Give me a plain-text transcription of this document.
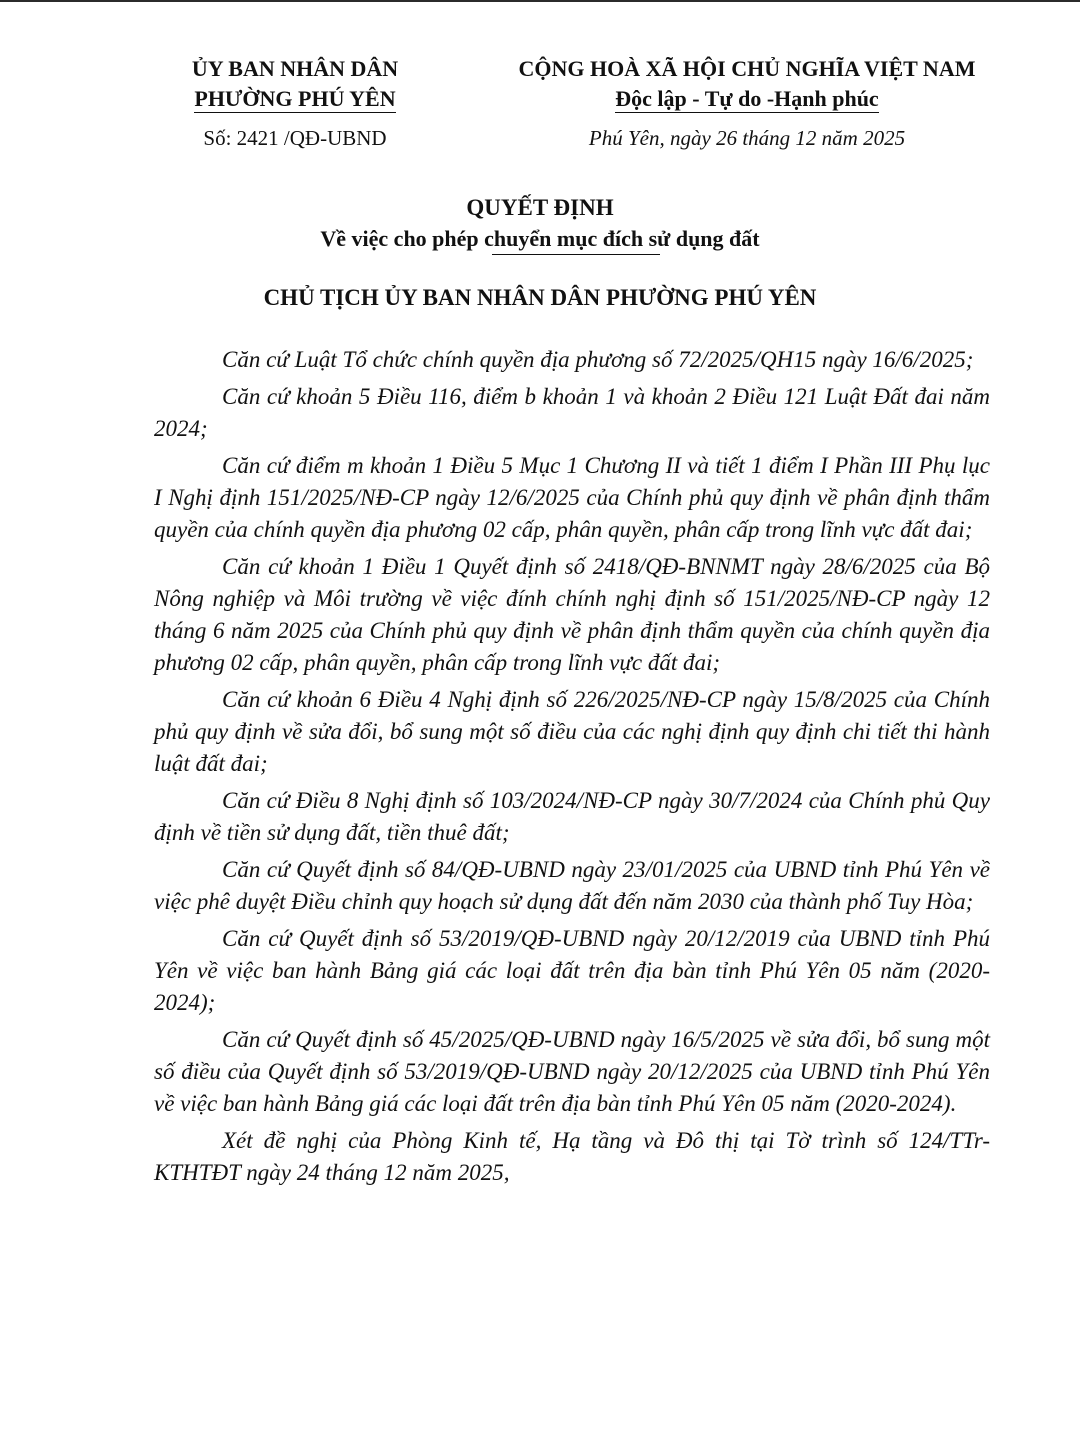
ỦY BAN NHÂN DÂN
PHƯỜNG PHÚ YÊN
Số: 2421 /QĐ-UBND
CỘNG HOÀ XÃ HỘI CHỦ NGHĨA VIỆT NAM
Độc lập - Tự do -Hạnh phúc
Phú Yên, ngày 26 tháng 12 năm 2025
QUYẾT ĐỊNH
Về việc cho phép chuyển mục đích sử dụng đất
CHỦ TỊCH ỦY BAN NHÂN DÂN PHƯỜNG PHÚ YÊN

Căn cứ Luật Tổ chức chính quyền địa phương số 72/2025/QH15 ngày 16/6/2025;

Căn cứ khoản 5 Điều 116, điểm b khoản 1 và khoản 2 Điều 121 Luật Đất đai năm 2024;

Căn cứ điểm m khoản 1 Điều 5 Mục 1 Chương II và tiết 1 điểm I Phần III Phụ lục I Nghị định 151/2025/NĐ-CP ngày 12/6/2025 của Chính phủ quy định về phân định thẩm quyền của chính quyền địa phương 02 cấp, phân quyền, phân cấp trong lĩnh vực đất đai;

Căn cứ khoản 1 Điều 1 Quyết định số 2418/QĐ-BNNMT ngày 28/6/2025 của Bộ Nông nghiệp và Môi trường về việc đính chính nghị định số 151/2025/NĐ-CP ngày 12 tháng 6 năm 2025 của Chính phủ quy định về phân định thẩm quyền của chính quyền địa phương 02 cấp, phân quyền, phân cấp trong lĩnh vực đất đai;

Căn cứ khoản 6 Điều 4 Nghị định số 226/2025/NĐ-CP ngày 15/8/2025 của Chính phủ quy định về sửa đổi, bổ sung một số điều của các nghị định quy định chi tiết thi hành luật đất đai;

Căn cứ Điều 8 Nghị định số 103/2024/NĐ-CP ngày 30/7/2024 của Chính phủ Quy định về tiền sử dụng đất, tiền thuê đất;

Căn cứ Quyết định số 84/QĐ-UBND ngày 23/01/2025 của UBND tỉnh Phú Yên về việc phê duyệt Điều chỉnh quy hoạch sử dụng đất đến năm 2030 của thành phố Tuy Hòa;

Căn cứ Quyết định số 53/2019/QĐ-UBND ngày 20/12/2019 của UBND tỉnh Phú Yên về việc ban hành Bảng giá các loại đất trên địa bàn tỉnh Phú Yên 05 năm (2020-2024);

Căn cứ Quyết định số 45/2025/QĐ-UBND ngày 16/5/2025 về sửa đổi, bổ sung một số điều của Quyết định số 53/2019/QĐ-UBND ngày 20/12/2025 của UBND tỉnh Phú Yên về việc ban hành Bảng giá các loại đất trên địa bàn tỉnh Phú Yên 05 năm (2020-2024).

Xét đề nghị của Phòng Kinh tế, Hạ tầng và Đô thị tại Tờ trình số 124/TTr-KTHTĐT ngày 24 tháng 12 năm 2025,
